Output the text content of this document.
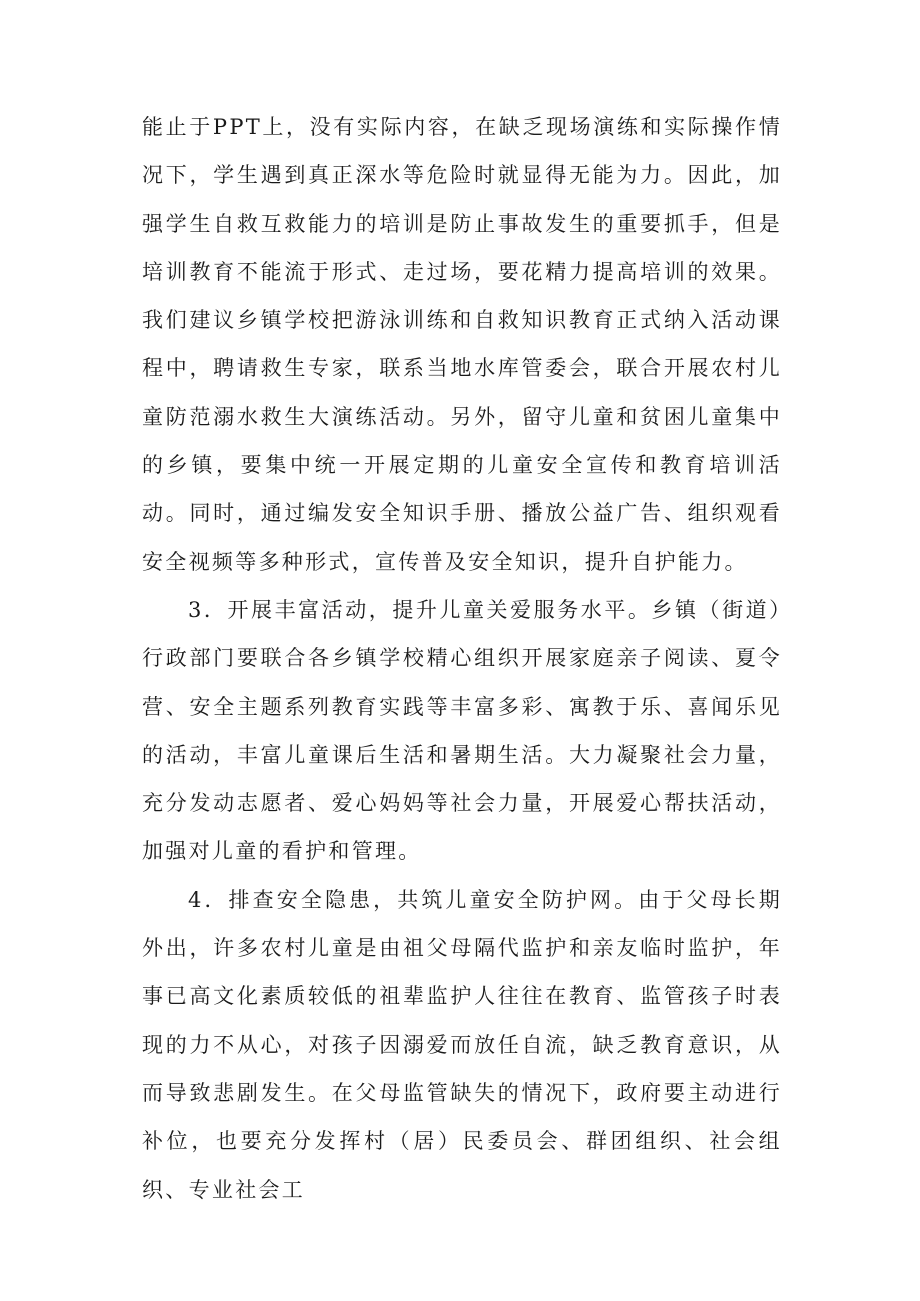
能止于PPT上，没有实际内容，在缺乏现场演练和实际操作情况下，学生遇到真正深水等危险时就显得无能为力。因此，加强学生自救互救能力的培训是防止事故发生的重要抓手，但是培训教育不能流于形式、走过场，要花精力提高培训的效果。我们建议乡镇学校把游泳训练和自救知识教育正式纳入活动课程中，聘请救生专家，联系当地水库管委会，联合开展农村儿童防范溺水救生大演练活动。另外，留守儿童和贫困儿童集中的乡镇，要集中统一开展定期的儿童安全宣传和教育培训活动。同时，通过编发安全知识手册、播放公益广告、组织观看安全视频等多种形式，宣传普及安全知识，提升自护能力。

3．开展丰富活动，提升儿童关爱服务水平。乡镇（街道）行政部门要联合各乡镇学校精心组织开展家庭亲子阅读、夏令营、安全主题系列教育实践等丰富多彩、寓教于乐、喜闻乐见的活动，丰富儿童课后生活和暑期生活。大力凝聚社会力量，充分发动志愿者、爱心妈妈等社会力量，开展爱心帮扶活动，加强对儿童的看护和管理。

4．排查安全隐患，共筑儿童安全防护网。由于父母长期外出，许多农村儿童是由祖父母隔代监护和亲友临时监护，年事已高文化素质较低的祖辈监护人往往在教育、监管孩子时表现的力不从心，对孩子因溺爱而放任自流，缺乏教育意识，从而导致悲剧发生。在父母监管缺失的情况下，政府要主动进行补位，也要充分发挥村（居）民委员会、群团组织、社会组织、专业社会工
